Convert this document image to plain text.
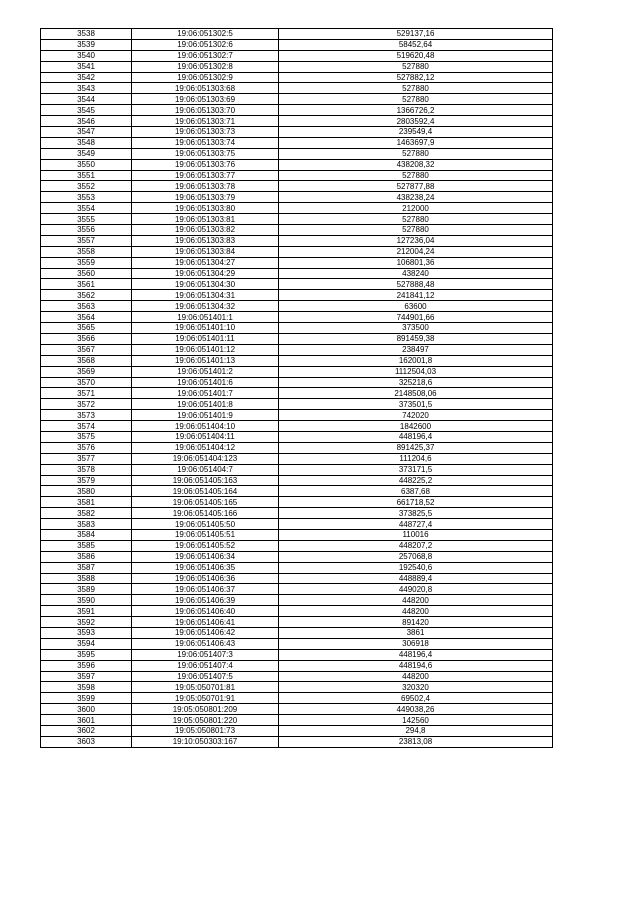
3538	19:06:051302:5	529137,16
3539	19:06:051302:6	58452,64
3540	19:06:051302:7	519620,48
3541	19:06:051302:8	527880
3542	19:06:051302:9	527882,12
3543	19:06:051303:68	527880
3544	19:06:051303:69	527880
3545	19:06:051303:70	1366726,2
3546	19:06:051303:71	2803592,4
3547	19:06:051303:73	239549,4
3548	19:06:051303:74	1463697,9
3549	19:06:051303:75	527880
3550	19:06:051303:76	438208,32
3551	19:06:051303:77	527880
3552	19:06:051303:78	527877,88
3553	19:06:051303:79	438238,24
3554	19:06:051303:80	212000
3555	19:06:051303:81	527880
3556	19:06:051303:82	527880
3557	19:06:051303:83	127236,04
3558	19:06:051303:84	212004,24
3559	19:06:051304:27	106801,36
3560	19:06:051304:29	438240
3561	19:06:051304:30	527888,48
3562	19:06:051304:31	241841,12
3563	19:06:051304:32	63600
3564	19:06:051401:1	744901,66
3565	19:06:051401:10	373500
3566	19:06:051401:11	891459,38
3567	19:06:051401:12	238497
3568	19:06:051401:13	162001,8
3569	19:06:051401:2	1112504,03
3570	19:06:051401:6	325218,6
3571	19:06:051401:7	2148508,06
3572	19:06:051401:8	373501,5
3573	19:06:051401:9	742020
3574	19:06:051404:10	1842600
3575	19:06:051404:11	448196,4
3576	19:06:051404:12	891425,37
3577	19:06:051404:123	111204,6
3578	19:06:051404:7	373171,5
3579	19:06:051405:163	448225,2
3580	19:06:051405:164	6387,68
3581	19:06:051405:165	661718,52
3582	19:06:051405:166	373825,5
3583	19:06:051405:50	448727,4
3584	19:06:051405:51	110016
3585	19:06:051405:52	448207,2
3586	19:06:051406:34	257068,8
3587	19:06:051406:35	192540,6
3588	19:06:051406:36	448889,4
3589	19:06:051406:37	449020,8
3590	19:06:051406:39	448200
3591	19:06:051406:40	448200
3592	19:06:051406:41	891420
3593	19:06:051406:42	3861
3594	19:06:051406:43	306918
3595	19:06:051407:3	448196,4
3596	19:06:051407:4	448194,6
3597	19:06:051407:5	448200
3598	19:05:050701:81	320320
3599	19:05:050701:91	69502,4
3600	19:05:050801:209	449038,26
3601	19:05:050801:220	142560
3602	19:05:050801:73	294,8
3603	19:10:050303:167	23813,08
